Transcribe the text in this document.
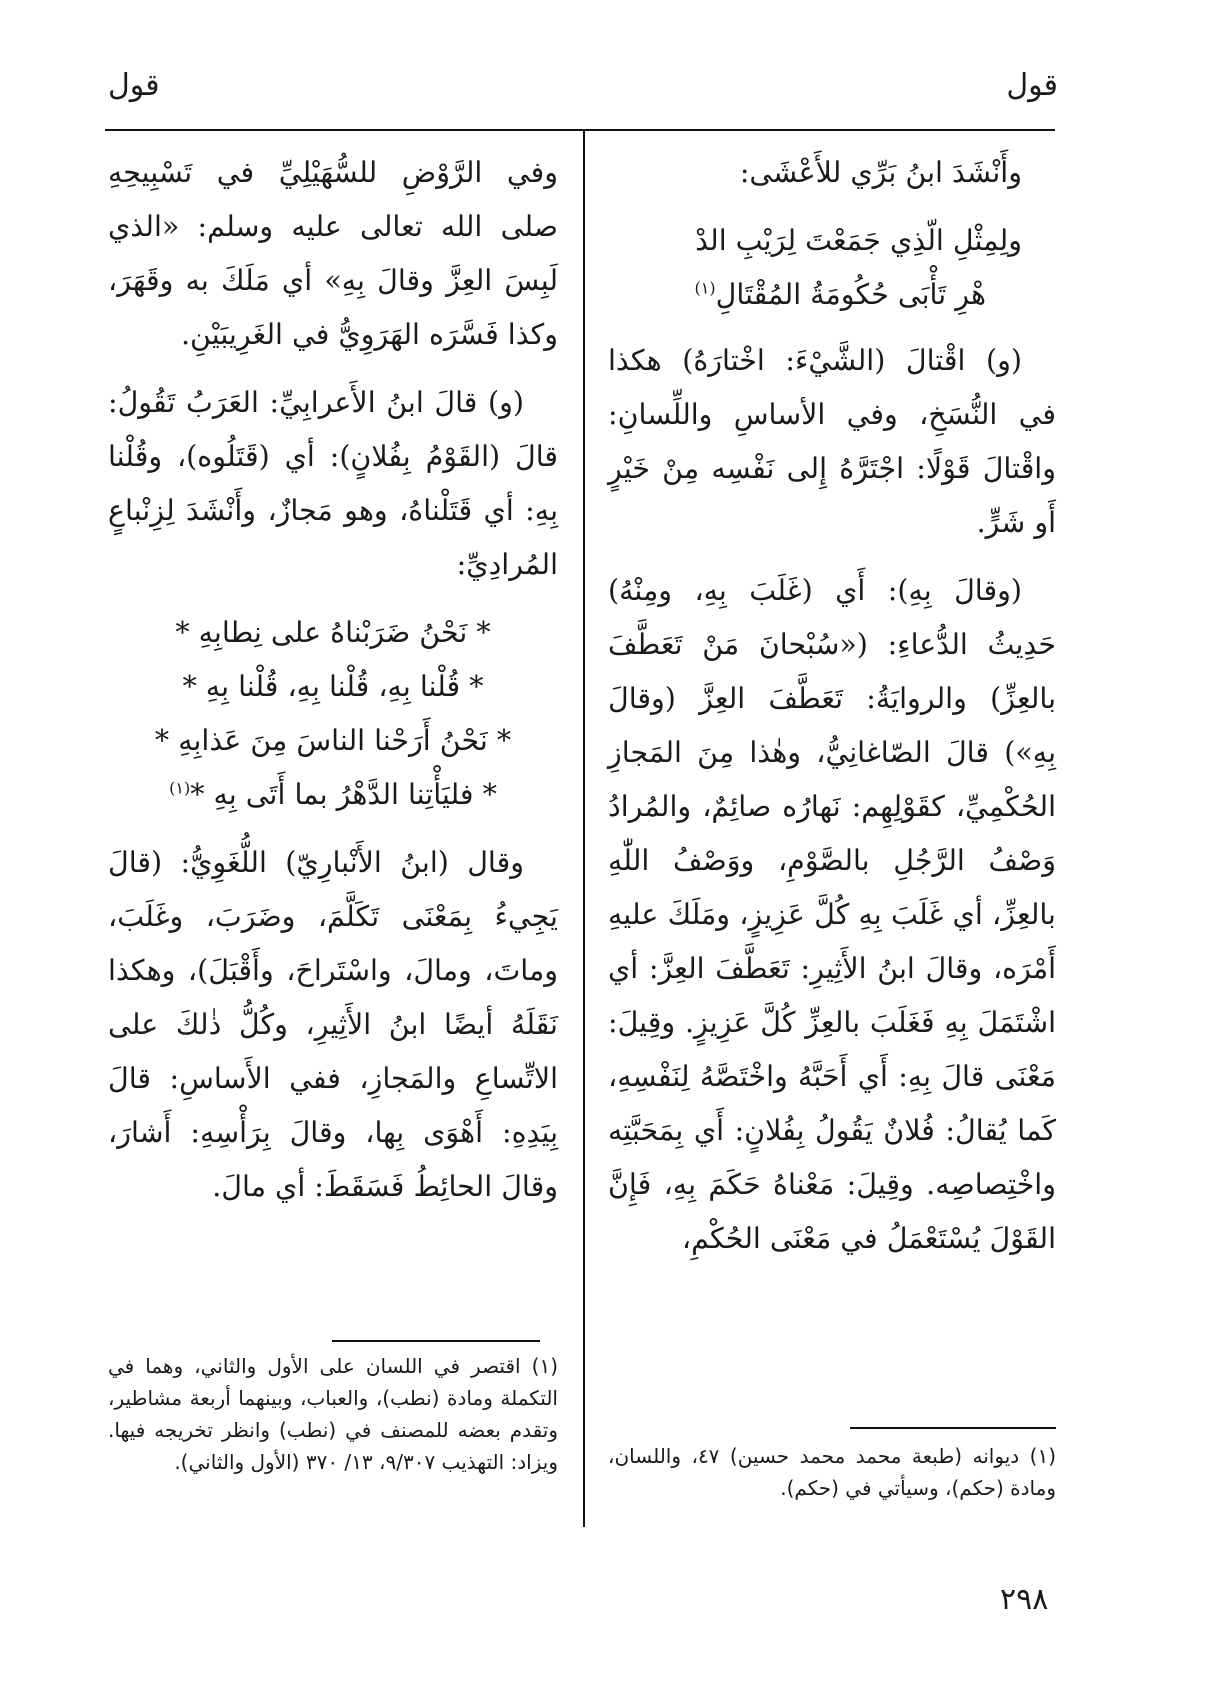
قول
قول

وأَنْشَدَ ابنُ بَرِّي للأَعْشَى:

ولِمِثْلِ الّذِي جَمَعْتَ لِرَيْبِ الدْ

هْرِ تَأْبَى حُكُومَةُ المُقْتَالِ$^{(١)}$

(و) اقْتالَ (الشَّيْءَ: اخْتارَهُ) هكذا في النُّسَخِ، وفي الأساسِ واللِّسانِ: واقْتالَ قَوْلًا: اجْتَرَّهُ إِلى نَفْسِه مِنْ خَيْرٍ أَو شَرٍّ.

(وقالَ بِهِ): أَي (غَلَبَ بِهِ، ومِنْهُ) حَدِيثُ الدُّعاءِ: («سُبْحانَ مَنْ تَعَطَّفَ بالعِزِّ) والروايَةُ: تَعَطَّفَ العِزَّ (وقالَ بِهِ») قالَ الصّاغانِيُّ، وهٰذا مِنَ المَجازِ الحُكْمِيِّ، كقَوْلِهِم: نَهارُه صائِمٌ، والمُرادُ وَصْفُ الرَّجُلِ بالصَّوْمِ، ووَصْفُ اللّٰهِ بالعِزِّ، أي غَلَبَ بِهِ كُلَّ عَزِيزٍ، ومَلَكَ عليهِ أَمْرَه، وقالَ ابنُ الأَثِيرِ: تَعَطَّفَ العِزَّ: أي اشْتَمَلَ بِهِ فَغَلَبَ بالعِزِّ كُلَّ عَزِيزٍ. وقِيلَ: مَعْنَى قالَ بِهِ: أَي أَحَبَّهُ واخْتَصَّهُ لِنَفْسِهِ، كَما يُقالُ: فُلانٌ يَقُولُ بِفُلانٍ: أَي بِمَحَبَّتِه واخْتِصاصِه. وقِيلَ: مَعْناهُ حَكَمَ بِهِ، فَإِنَّ القَوْلَ يُسْتَعْمَلُ في مَعْنَى الحُكْمِ،

وفي الرَّوْضِ للسُّهَيْلِيِّ في تَسْبِيحِهِ صلى الله تعالى عليه وسلم: «الذي لَبِسَ العِزَّ وقالَ بِهِ» أي مَلَكَ به وقَهَرَ، وكذا فَسَّرَه الهَرَوِيُّ في الغَرِيبَيْنِ.

(و) قالَ ابنُ الأَعرابِيِّ: العَرَبُ تَقُولُ: قالَ (القَوْمُ بِفُلانٍ): أي (قَتَلُوه)، وقُلْنا بِهِ: أي قَتَلْناهُ، وهو مَجازٌ، وأَنْشَدَ لِزِنْباعٍ المُرادِيِّ:

* نَحْنُ ضَرَبْناهُ على نِطابِهِ *
* قُلْنا بِهِ، قُلْنا بِهِ، قُلْنا بِهِ *
* نَحْنُ أَرَحْنا الناسَ مِنَ عَذابِهِ *
* فليَأْتِنا الدَّهْرُ بما أَتَى بِهِ *$^{(١)}$

وقال (ابنُ الأَنْبارِيّ) اللُّغَوِيُّ: (قالَ يَجِيءُ بِمَعْنَى تَكَلَّمَ، وضَرَبَ، وغَلَبَ، وماتَ، ومالَ، واسْتَراحَ، وأَقْبَلَ)، وهكذا نَقَلَهُ أيضًا ابنُ الأَثِيرِ، وكُلُّ ذٰلكَ على الاتِّساعِ والمَجازِ، ففي الأَساسِ: قالَ بِيَدِهِ: أَهْوَى بِها، وقالَ بِرَأْسِهِ: أَشارَ، وقالَ الحائِطُ فَسَقَطَ: أي مالَ.

(١) ديوانه (طبعة محمد محمد حسين) ٤٧، واللسان، ومادة (حكم)، وسيأتي في (حكم).
(١) اقتصر في اللسان على الأول والثاني، وهما في التكملة ومادة (نطب)، والعباب، وبينهما أربعة مشاطير، وتقدم بعضه للمصنف في (نطب) وانظر تخريجه فيها. ويزاد: التهذيب ٩/٣٠٧، ١٣/ ٣٧٠ (الأول والثاني).
٢٩٨
